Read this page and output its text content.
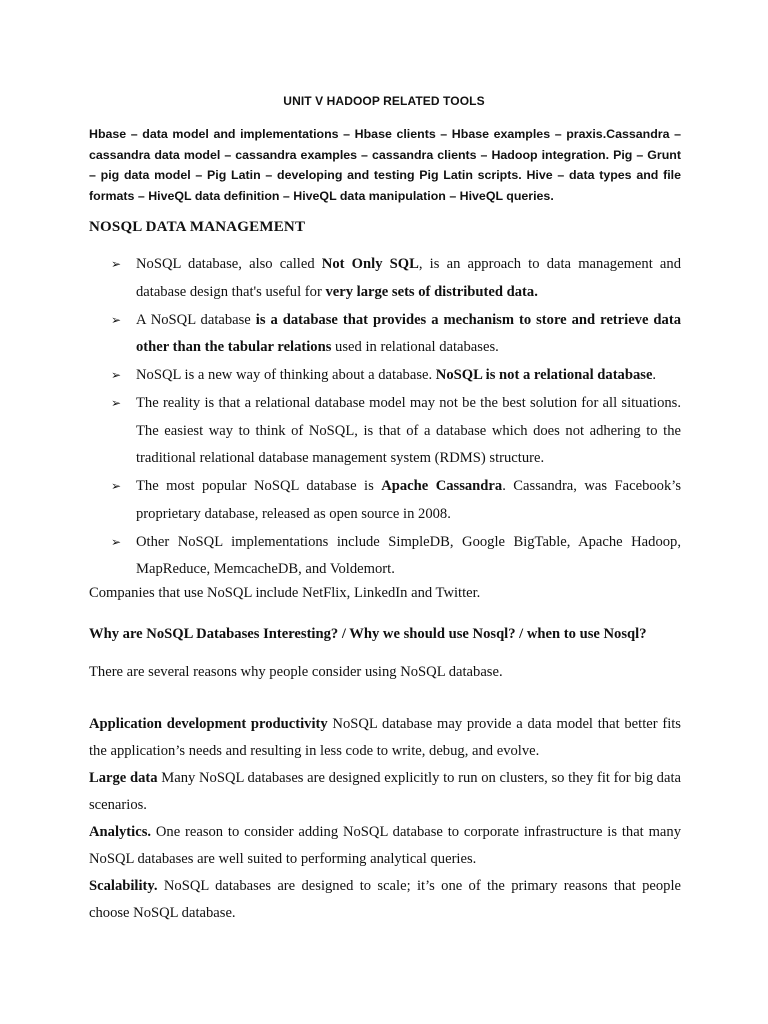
UNIT V HADOOP RELATED TOOLS
Hbase – data model and implementations – Hbase clients – Hbase examples – praxis.Cassandra – cassandra data model – cassandra examples – cassandra clients – Hadoop integration. Pig – Grunt – pig data model – Pig Latin – developing and testing Pig Latin scripts. Hive – data types and file formats – HiveQL data definition – HiveQL data manipulation – HiveQL queries.
NOSQL DATA MANAGEMENT
➢ NoSQL database, also called Not Only SQL, is an approach to data management and database design that's useful for very large sets of distributed data.
➢ A NoSQL database is a database that provides a mechanism to store and retrieve data other than the tabular relations used in relational databases.
➢ NoSQL is a new way of thinking about a database. NoSQL is not a relational database.
➢ The reality is that a relational database model may not be the best solution for all situations. The easiest way to think of NoSQL, is that of a database which does not adhering to the traditional relational database management system (RDMS) structure.
➢ The most popular NoSQL database is Apache Cassandra. Cassandra, was Facebook’s proprietary database, released as open source in 2008.
➢ Other NoSQL implementations include SimpleDB, Google BigTable, Apache Hadoop, MapReduce, MemcacheDB, and Voldemort.
Companies that use NoSQL include NetFlix, LinkedIn and Twitter.
Why are NoSQL Databases Interesting? / Why we should use Nosql? / when to use Nosql?
There are several reasons why people consider using NoSQL database.
Application development productivity NoSQL database may provide a data model that better fits the application’s needs and resulting in less code to write, debug, and evolve.
Large data Many NoSQL databases are designed explicitly to run on clusters, so they fit for big data scenarios.
Analytics. One reason to consider adding NoSQL database to corporate infrastructure is that many NoSQL databases are well suited to performing analytical queries.
Scalability. NoSQL databases are designed to scale; it’s one of the primary reasons that people choose NoSQL database.
